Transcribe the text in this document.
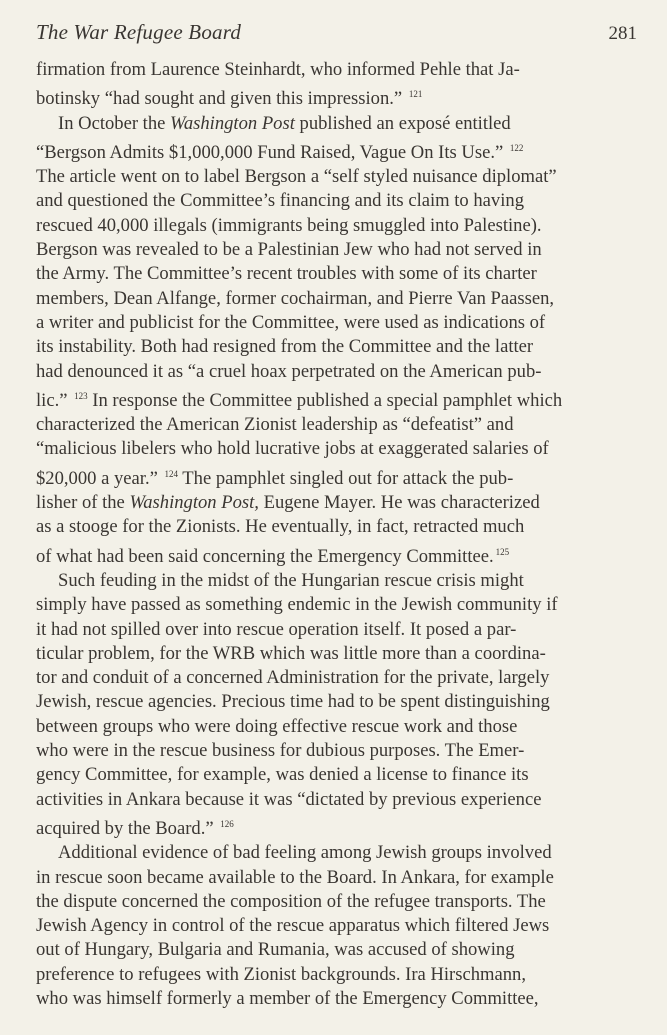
The War Refugee Board	281
firmation from Laurence Steinhardt, who informed Pehle that Ja-
botinsky “had sought and given this impression.” $^{121}$
In October the Washington Post published an exposé entitled
“Bergson Admits $1,000,000 Fund Raised, Vague On Its Use.” $^{122}$
The article went on to label Bergson a “self styled nuisance diplomat”
and questioned the Committee’s financing and its claim to having
rescued 40,000 illegals (immigrants being smuggled into Palestine).
Bergson was revealed to be a Palestinian Jew who had not served in
the Army. The Committee’s recent troubles with some of its charter
members, Dean Alfange, former cochairman, and Pierre Van Paassen,
a writer and publicist for the Committee, were used as indications of
its instability. Both had resigned from the Committee and the latter
had denounced it as “a cruel hoax perpetrated on the American pub-
lic.” $^{123}$ In response the Committee published a special pamphlet which
characterized the American Zionist leadership as “defeatist” and
“malicious libelers who hold lucrative jobs at exaggerated salaries of
$20,000 a year.” $^{124}$ The pamphlet singled out for attack the pub-
lisher of the Washington Post, Eugene Mayer. He was characterized
as a stooge for the Zionists. He eventually, in fact, retracted much
of what had been said concerning the Emergency Committee. $^{125}$
Such feuding in the midst of the Hungarian rescue crisis might
simply have passed as something endemic in the Jewish community if
it had not spilled over into rescue operation itself. It posed a par-
ticular problem, for the WRB which was little more than a coordina-
tor and conduit of a concerned Administration for the private, largely
Jewish, rescue agencies. Precious time had to be spent distinguishing
between groups who were doing effective rescue work and those
who were in the rescue business for dubious purposes. The Emer-
gency Committee, for example, was denied a license to finance its
activities in Ankara because it was “dictated by previous experience
acquired by the Board.” $^{126}$
Additional evidence of bad feeling among Jewish groups involved
in rescue soon became available to the Board. In Ankara, for example
the dispute concerned the composition of the refugee transports. The
Jewish Agency in control of the rescue apparatus which filtered Jews
out of Hungary, Bulgaria and Rumania, was accused of showing
preference to refugees with Zionist backgrounds. Ira Hirschmann,
who was himself formerly a member of the Emergency Committee,
